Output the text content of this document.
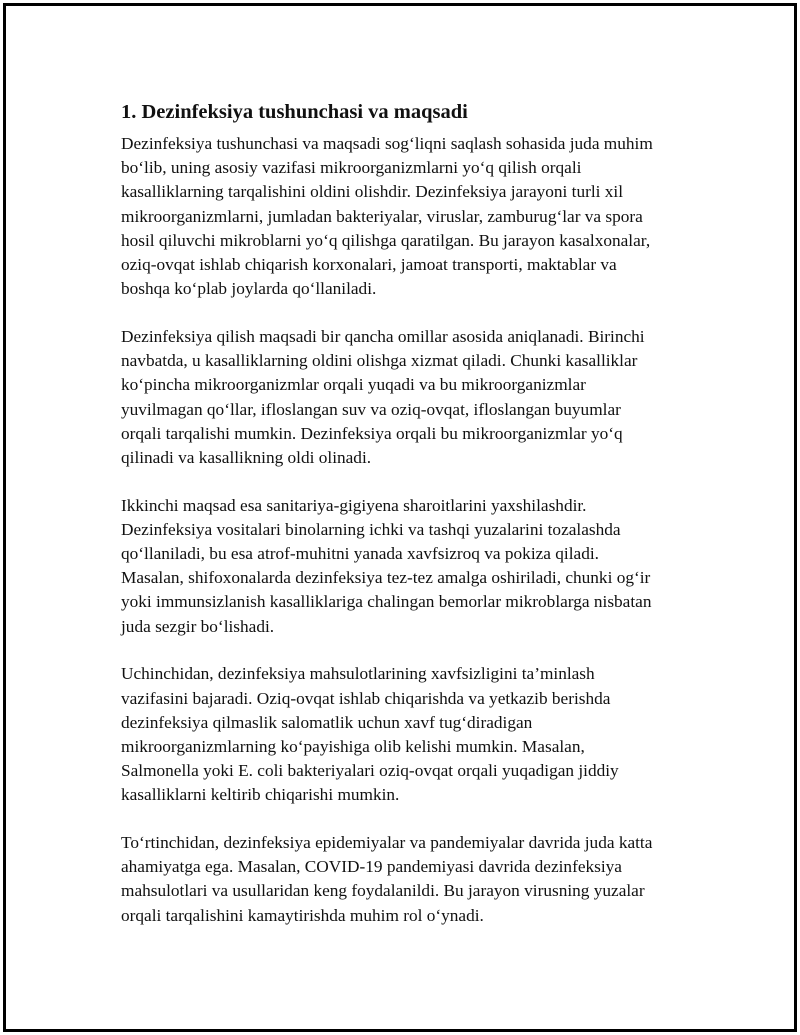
1. Dezinfeksiya tushunchasi va maqsadi
Dezinfeksiya tushunchasi va maqsadi sog‘liqni saqlash sohasida juda muhim
bo‘lib, uning asosiy vazifasi mikroorganizmlarni yo‘q qilish orqali
kasalliklarning tarqalishini oldini olishdir. Dezinfeksiya jarayoni turli xil
mikroorganizmlarni, jumladan bakteriyalar, viruslar, zamburug‘lar va spora
hosil qiluvchi mikroblarni yo‘q qilishga qaratilgan. Bu jarayon kasalxonalar,
oziq-ovqat ishlab chiqarish korxonalari, jamoat transporti, maktablar va
boshqa ko‘plab joylarda qo‘llaniladi.
Dezinfeksiya qilish maqsadi bir qancha omillar asosida aniqlanadi. Birinchi
navbatda, u kasalliklarning oldini olishga xizmat qiladi. Chunki kasalliklar
ko‘pincha mikroorganizmlar orqali yuqadi va bu mikroorganizmlar
yuvilmagan qo‘llar, ifloslangan suv va oziq-ovqat, ifloslangan buyumlar
orqali tarqalishi mumkin. Dezinfeksiya orqali bu mikroorganizmlar yo‘q
qilinadi va kasallikning oldi olinadi.
Ikkinchi maqsad esa sanitariya-gigiyena sharoitlarini yaxshilashdir.
Dezinfeksiya vositalari binolarning ichki va tashqi yuzalarini tozalashda
qo‘llaniladi, bu esa atrof-muhitni yanada xavfsizroq va pokiza qiladi.
Masalan, shifoxonalarda dezinfeksiya tez-tez amalga oshiriladi, chunki og‘ir
yoki immunsizlanish kasalliklariga chalingan bemorlar mikroblarga nisbatan
juda sezgir bo‘lishadi.
Uchinchidan, dezinfeksiya mahsulotlarining xavfsizligini ta’minlash
vazifasini bajaradi. Oziq-ovqat ishlab chiqarishda va yetkazib berishda
dezinfeksiya qilmaslik salomatlik uchun xavf tug‘diradigan
mikroorganizmlarning ko‘payishiga olib kelishi mumkin. Masalan,
Salmonella yoki E. coli bakteriyalari oziq-ovqat orqali yuqadigan jiddiy
kasalliklarni keltirib chiqarishi mumkin.
To‘rtinchidan, dezinfeksiya epidemiyalar va pandemiyalar davrida juda katta
ahamiyatga ega. Masalan, COVID-19 pandemiyasi davrida dezinfeksiya
mahsulotlari va usullaridan keng foydalanildi. Bu jarayon virusning yuzalar
orqali tarqalishini kamaytirishda muhim rol o‘ynadi.
